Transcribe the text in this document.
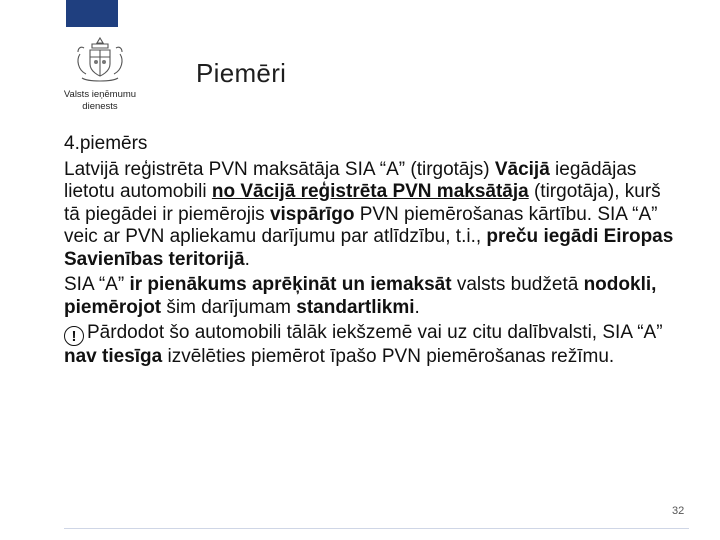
Valsts ieņēmumu
dienests
Piemēri

4.piemērs

Latvijā reģistrēta PVN maksātāja SIA “A” (tirgotājs) Vācijā iegādājas lietotu automobili no Vācijā reģistrēta PVN maksātāja (tirgotāja), kurš tā piegādei ir piemērojis vispārīgo PVN piemērošanas kārtību. SIA “A” veic ar PVN apliekamu darījumu par atlīdzību, t.i., preču iegādi Eiropas Savienības teritorijā.

SIA “A” ir pienākums aprēķināt un iemaksāt valsts budžetā nodokli, piemērojot šim darījumam standartlikmi.

! Pārdodot šo automobili tālāk iekšzemē vai uz citu dalībvalsti, SIA “A” nav tiesīga izvēlēties piemērot īpašo PVN piemērošanas režīmu.

32
